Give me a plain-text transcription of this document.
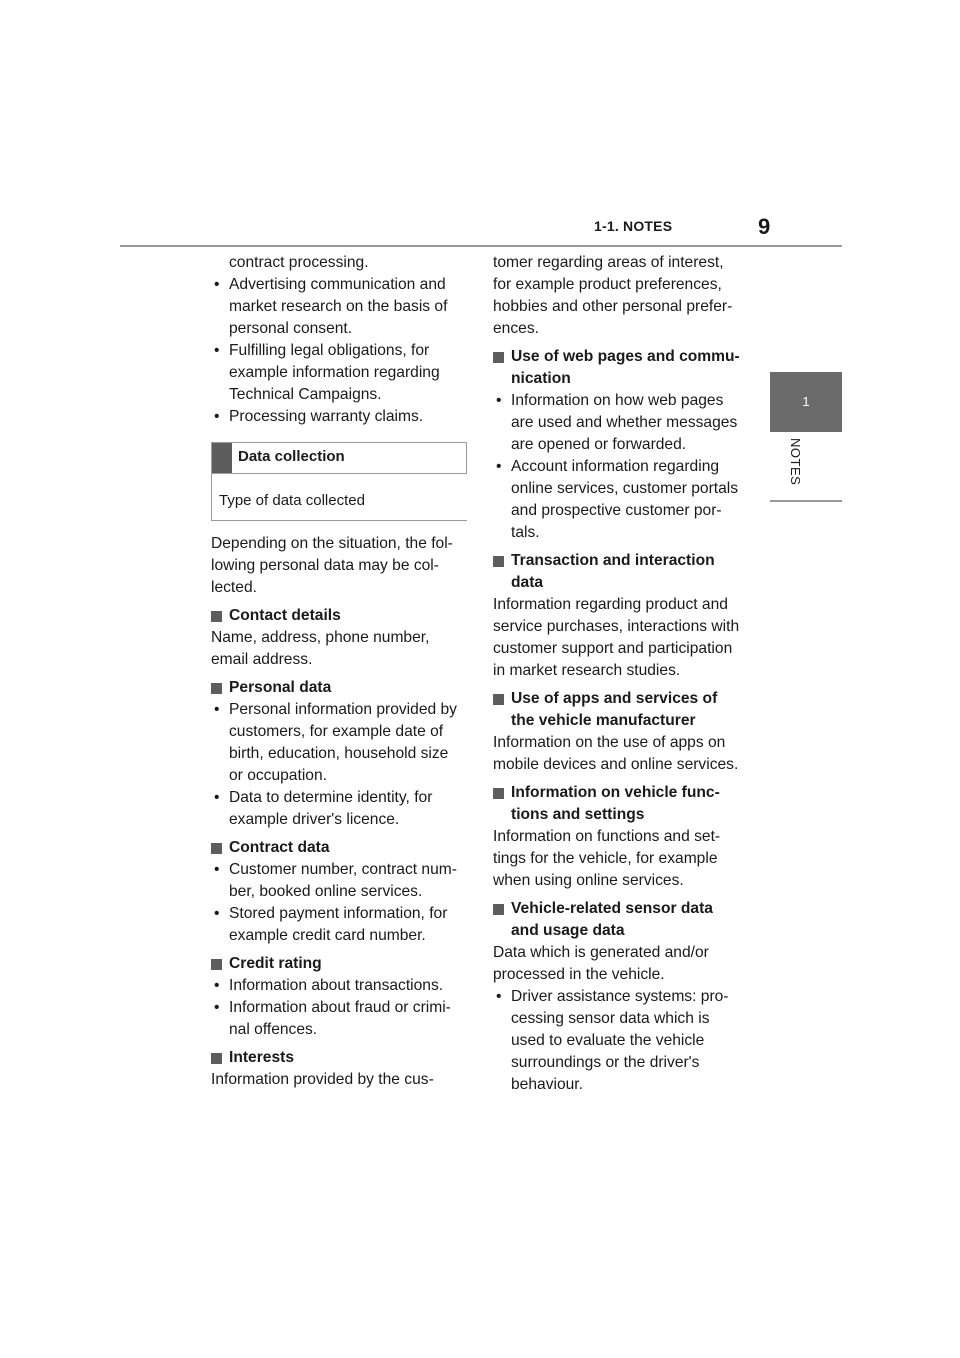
1-1. NOTES	9
1
NOTES
contract processing.
• Advertising communication and
market research on the basis of
personal consent.
• Fulfilling legal obligations, for
example information regarding
Technical Campaigns.
• Processing warranty claims.
Data collection
Type of data collected
Depending on the situation, the fol-
lowing personal data may be col-
lected.
Contact details
Name, address, phone number,
email address.
Personal data
• Personal information provided by
customers, for example date of
birth, education, household size
or occupation.
• Data to determine identity, for
example driver's licence.
Contract data
• Customer number, contract num-
ber, booked online services.
• Stored payment information, for
example credit card number.
Credit rating
• Information about transactions.
• Information about fraud or crimi-
nal offences.
Interests
Information provided by the cus-
tomer regarding areas of interest,
for example product preferences,
hobbies and other personal prefer-
ences.
Use of web pages and commu-
nication
• Information on how web pages
are used and whether messages
are opened or forwarded.
• Account information regarding
online services, customer portals
and prospective customer por-
tals.
Transaction and interaction
data
Information regarding product and
service purchases, interactions with
customer support and participation
in market research studies.
Use of apps and services of
the vehicle manufacturer
Information on the use of apps on
mobile devices and online services.
Information on vehicle func-
tions and settings
Information on functions and set-
tings for the vehicle, for example
when using online services.
Vehicle-related sensor data
and usage data
Data which is generated and/or
processed in the vehicle.
• Driver assistance systems: pro-
cessing sensor data which is
used to evaluate the vehicle
surroundings or the driver's
behaviour.
